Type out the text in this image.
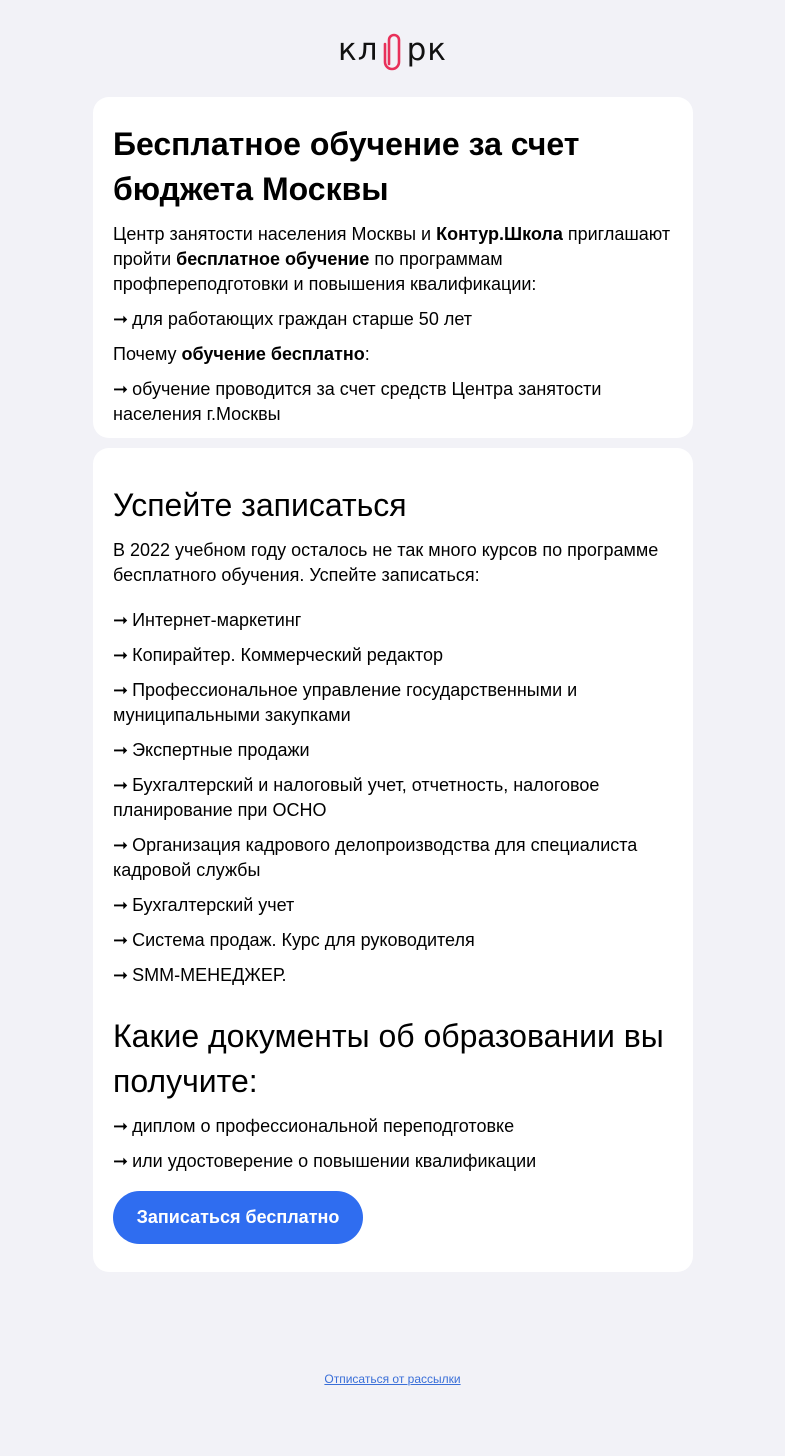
кл рк
Бесплатное обучение за счет бюджета Москвы

Центр занятости населения Москвы и Контур.Школа приглашают пройти бесплатное обучение по программам профпереподготовки и повышения квалификации:

➞ для работающих граждан старше 50 лет

Почему обучение бесплатно:

➞ обучение проводится за счет средств Центра занятости населения г.Москвы

Успейте записаться

В 2022 учебном году осталось не так много курсов по программе бесплатного обучения. Успейте записаться:

➞ Интернет-маркетинг

➞ Копирайтер. Коммерческий редактор

➞ Профессиональное управление государственными и муниципальными закупками

➞ Экспертные продажи

➞ Бухгалтерский и налоговый учет, отчетность, налоговое планирование при ОСНО

➞ Организация кадрового делопроизводства для специалиста кадровой службы

➞ Бухгалтерский учет

➞ Система продаж. Курс для руководителя

➞ SMM-МЕНЕДЖЕР.

Какие документы об образовании вы получите:

➞ диплом о профессиональной переподготовке

➞ или удостоверение о повышении квалификации

Записаться бесплатно
Отписаться от рассылки
